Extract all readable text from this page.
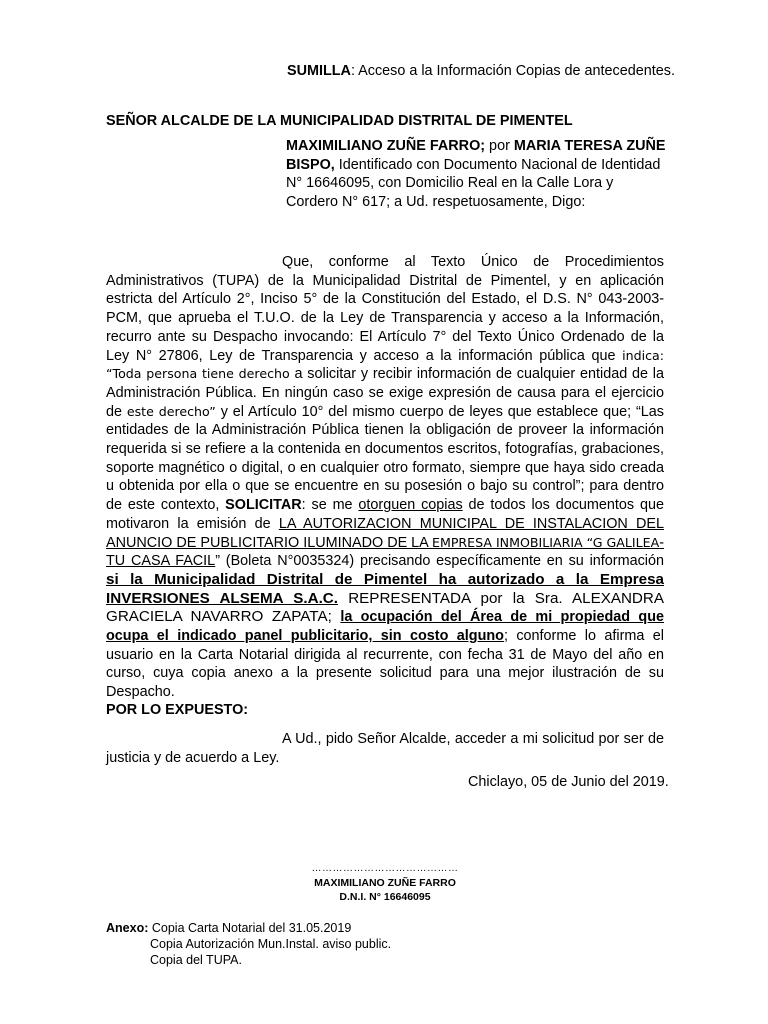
SUMILLA: Acceso a la Información Copias de antecedentes.
SEÑOR ALCALDE DE LA MUNICIPALIDAD DISTRITAL DE PIMENTEL
MAXIMILIANO ZUÑE FARRO; por MARIA TERESA ZUÑE BISPO, Identificado con Documento Nacional de Identidad N° 16646095, con Domicilio Real en la Calle Lora y Cordero N° 617; a Ud. respetuosamente, Digo:
Que, conforme al Texto Único de Procedimientos Administrativos (TUPA) de la Municipalidad Distrital de Pimentel, y en aplicación estricta del Artículo 2°, Inciso 5° de la Constitución del Estado, el D.S. N° 043-2003-PCM, que aprueba el T.U.O. de la Ley de Transparencia y acceso a la Información, recurro ante su Despacho invocando: El Artículo 7° del Texto Único Ordenado de la Ley N° 27806, Ley de Transparencia y acceso a la información pública que indica: “Toda persona tiene derecho a solicitar y recibir información de cualquier entidad de la Administración Pública. En ningún caso se exige expresión de causa para el ejercicio de este derecho” y el Artículo 10° del mismo cuerpo de leyes que establece que; “Las entidades de la Administración Pública tienen la obligación de proveer la información requerida si se refiere a la contenida en documentos escritos, fotografías, grabaciones, soporte magnético o digital, o en cualquier otro formato, siempre que haya sido creada u obtenida por ella o que se encuentre en su posesión o bajo su control”; para dentro de este contexto, SOLICITAR: se me otorguen copias de todos los documentos que motivaron la emisión de LA AUTORIZACION MUNICIPAL DE INSTALACION DEL ANUNCIO DE PUBLICITARIO ILUMINADO DE LA EMPRESA INMOBILIARIA “G GALILEA- TU CASA FACIL” (Boleta N°0035324) precisando específicamente en su información si la Municipalidad Distrital de Pimentel ha autorizado a la Empresa INVERSIONES ALSEMA S.A.C. REPRESENTADA por la Sra. ALEXANDRA GRACIELA NAVARRO ZAPATA; la ocupación del Área de mi propiedad que ocupa el indicado panel publicitario, sin costo alguno; conforme lo afirma el usuario en la Carta Notarial dirigida al recurrente, con fecha 31 de Mayo del año en curso, cuya copia anexo a la presente solicitud para una mejor ilustración de su Despacho.
POR LO EXPUESTO:
A Ud., pido Señor Alcalde, acceder a mi solicitud por ser de justicia y de acuerdo a Ley.
Chiclayo, 05 de Junio del 2019.
……………………………………
MAXIMILIANO ZUÑE FARRO
D.N.I. N° 16646095
Anexo: Copia Carta Notarial del 31.05.2019
Copia Autorización Mun.Instal. aviso public.
Copia del TUPA.
